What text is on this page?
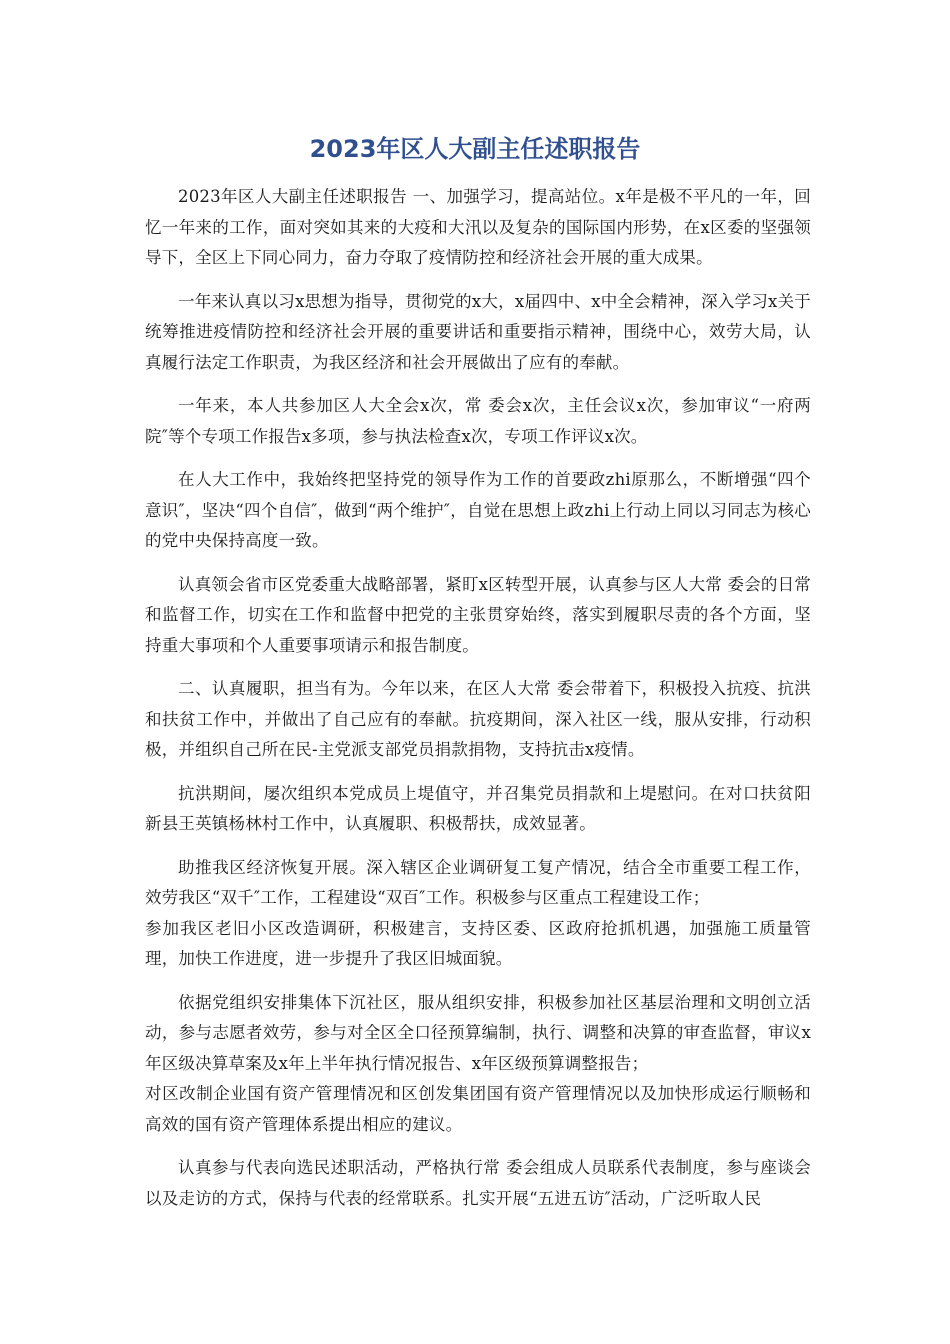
2023年区人大副主任述职报告

2023年区人大副主任述职报告 一、加强学习，提高站位。x年是极不平凡的一年，回忆一年来的工作，面对突如其来的大疫和大汛以及复杂的国际国内形势，在x区委的坚强领导下，全区上下同心同力，奋力夺取了疫情防控和经济社会开展的重大成果。

一年来认真以习x思想为指导，贯彻党的x大，x届四中、x中全会精神，深入学习x关于统筹推进疫情防控和经济社会开展的重要讲话和重要指示精神，围绕中心，效劳大局，认真履行法定工作职责，为我区经济和社会开展做出了应有的奉献。

一年来，本人共参加区人大全会x次，常 委会x次，主任会议x次，参加审议“一府两院″等个专项工作报告x多项，参与执法检查x次，专项工作评议x次。

在人大工作中，我始终把坚持党的领导作为工作的首要政zhi原那么，不断增强“四个意识″，坚决“四个自信″，做到“两个维护″，自觉在思想上政zhi上行动上同以习同志为核心的党中央保持高度一致。

认真领会省市区党委重大战略部署，紧盯x区转型开展，认真参与区人大常 委会的日常和监督工作，切实在工作和监督中把党的主张贯穿始终，落实到履职尽责的各个方面，坚持重大事项和个人重要事项请示和报告制度。

二、认真履职，担当有为。今年以来，在区人大常 委会带着下，积极投入抗疫、抗洪和扶贫工作中，并做出了自己应有的奉献。抗疫期间，深入社区一线，服从安排，行动积极，并组织自己所在民-主党派支部党员捐款捐物，支持抗击x疫情。

抗洪期间，屡次组织本党成员上堤值守，并召集党员捐款和上堤慰问。在对口扶贫阳新县王英镇杨林村工作中，认真履职、积极帮扶，成效显著。

助推我区经济恢复开展。深入辖区企业调研复工复产情况，结合全市重要工程工作，效劳我区“双千″工作，工程建设“双百″工作。积极参与区重点工程建设工作；

参加我区老旧小区改造调研，积极建言，支持区委、区政府抢抓机遇，加强施工质量管理，加快工作进度，进一步提升了我区旧城面貌。

依据党组织安排集体下沉社区，服从组织安排，积极参加社区基层治理和文明创立活动，参与志愿者效劳，参与对全区全口径预算编制，执行、调整和决算的审查监督，审议x年区级决算草案及x年上半年执行情况报告、x年区级预算调整报告；

对区改制企业国有资产管理情况和区创发集团国有资产管理情况以及加快形成运行顺畅和高效的国有资产管理体系提出相应的建议。

认真参与代表向选民述职活动，严格执行常 委会组成人员联系代表制度，参与座谈会以及走访的方式，保持与代表的经常联系。扎实开展“五进五访″活动，广泛听取人民
